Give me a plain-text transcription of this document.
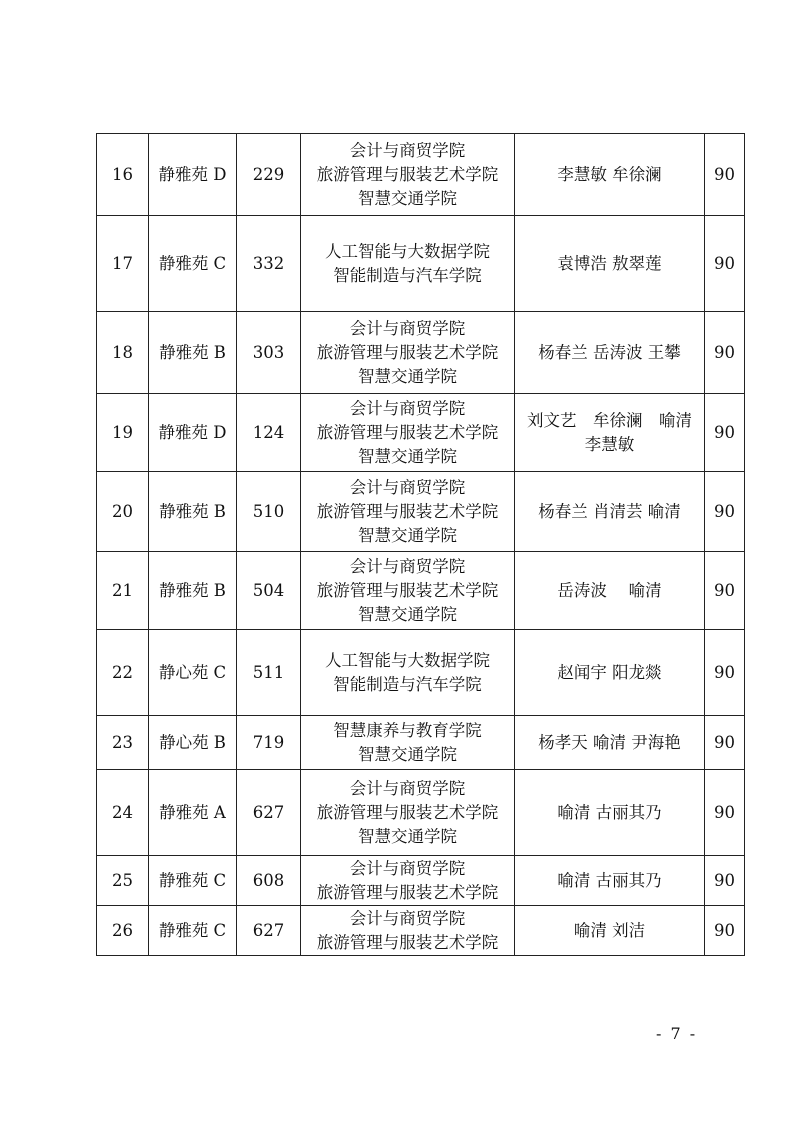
16	静雅苑 D	229	会计与商贸学院
旅游管理与服装艺术学院
智慧交通学院	李慧敏 牟徐澜	90
17	静雅苑 C	332	人工智能与大数据学院
智能制造与汽车学院	袁博浩 敖翠莲	90
18	静雅苑 B	303	会计与商贸学院
旅游管理与服装艺术学院
智慧交通学院	杨春兰 岳涛波 王攀	90
19	静雅苑 D	124	会计与商贸学院
旅游管理与服装艺术学院
智慧交通学院	刘文艺　牟徐澜　喻清
李慧敏	90
20	静雅苑 B	510	会计与商贸学院
旅游管理与服装艺术学院
智慧交通学院	杨春兰 肖清芸 喻清	90
21	静雅苑 B	504	会计与商贸学院
旅游管理与服装艺术学院
智慧交通学院	岳涛波　 喻清	90
22	静心苑 C	511	人工智能与大数据学院
智能制造与汽车学院	赵闻宇 阳龙燚	90
23	静心苑 B	719	智慧康养与教育学院
智慧交通学院	杨孝天 喻清 尹海艳	90
24	静雅苑 A	627	会计与商贸学院
旅游管理与服装艺术学院
智慧交通学院	喻清 古丽其乃	90
25	静雅苑 C	608	会计与商贸学院
旅游管理与服装艺术学院	喻清 古丽其乃	90
26	静雅苑 C	627	会计与商贸学院
旅游管理与服装艺术学院	喻清 刘洁	90
- 7 -
